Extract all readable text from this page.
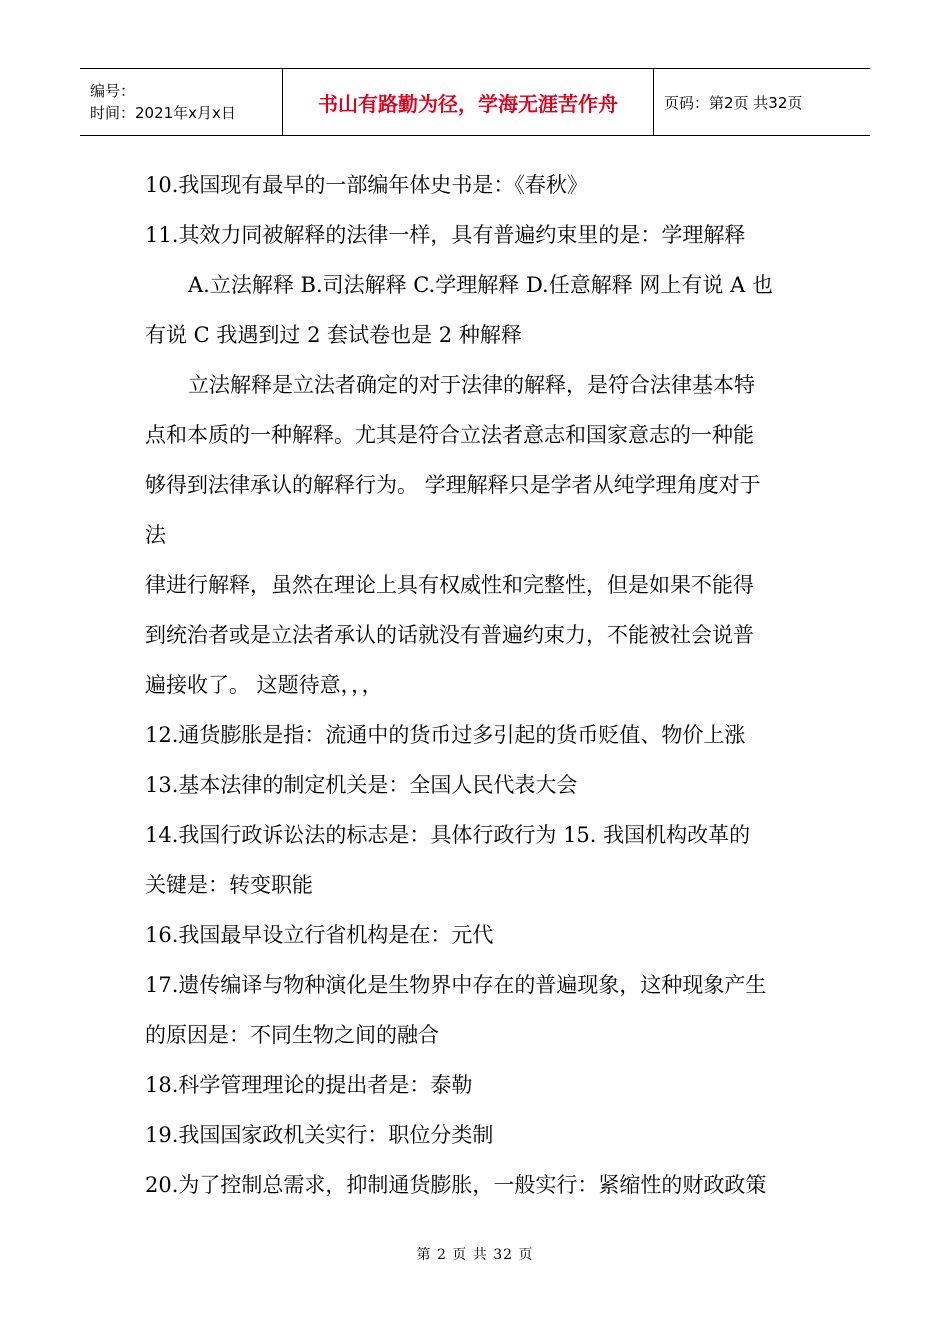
编号：
时间：2021年x月x日	书山有路勤为径，学海无涯苦作舟	页码：第2页 共32页
10.我国现有最早的一部编年体史书是：《春秋》
11.其效力同被解释的法律一样，具有普遍约束里的是：学理解释
A.立法解释 B.司法解释 C.学理解释 D.任意解释 网上有说 A 也
有说 C 我遇到过 2 套试卷也是 2 种解释
立法解释是立法者确定的对于法律的解释，是符合法律基本特
点和本质的一种解释。尤其是符合立法者意志和国家意志的一种能
够得到法律承认的解释行为。 学理解释只是学者从纯学理角度对于
法
律进行解释，虽然在理论上具有权威性和完整性，但是如果不能得
到统治者或是立法者承认的话就没有普遍约束力，不能被社会说普
遍接收了。 这题待意，，，
12.通货膨胀是指：流通中的货币过多引起的货币贬值、物价上涨
13.基本法律的制定机关是：全国人民代表大会
14.我国行政诉讼法的标志是：具体行政行为 15. 我国机构改革的
关键是：转变职能
16.我国最早设立行省机构是在：元代
17.遗传编译与物种演化是生物界中存在的普遍现象，这种现象产生
的原因是：不同生物之间的融合
18.科学管理理论的提出者是：泰勒
19.我国国家政机关实行：职位分类制
20.为了控制总需求，抑制通货膨胀，一般实行：紧缩性的财政政策
第 2 页 共 32 页
